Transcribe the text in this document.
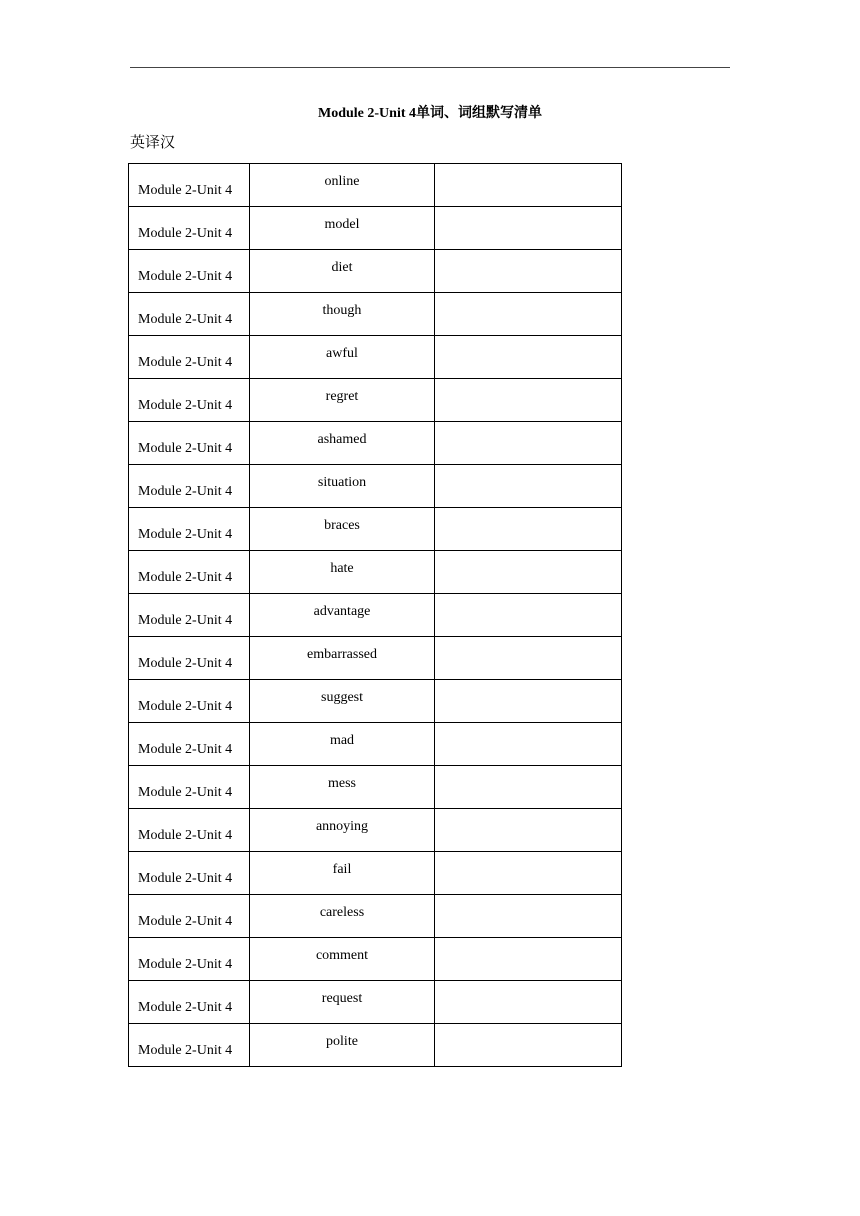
Module 2-Unit 4单词、词组默写清单
英译汉
Module 2-Unit 4	online	
Module 2-Unit 4	model	
Module 2-Unit 4	diet	
Module 2-Unit 4	though	
Module 2-Unit 4	awful	
Module 2-Unit 4	regret	
Module 2-Unit 4	ashamed	
Module 2-Unit 4	situation	
Module 2-Unit 4	braces	
Module 2-Unit 4	hate	
Module 2-Unit 4	advantage	
Module 2-Unit 4	embarrassed	
Module 2-Unit 4	suggest	
Module 2-Unit 4	mad	
Module 2-Unit 4	mess	
Module 2-Unit 4	annoying	
Module 2-Unit 4	fail	
Module 2-Unit 4	careless	
Module 2-Unit 4	comment	
Module 2-Unit 4	request	
Module 2-Unit 4	polite	
